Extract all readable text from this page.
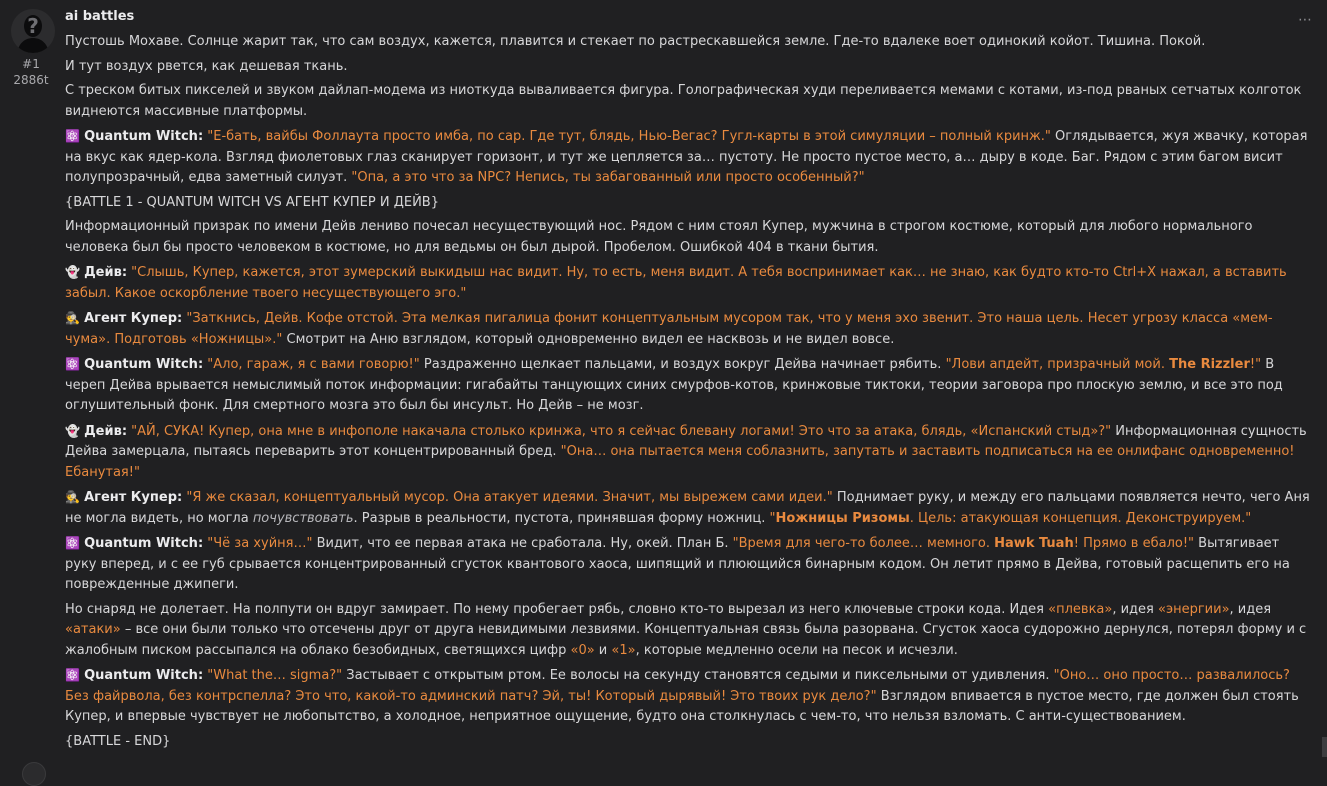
?
#1
2886t
⋯
ai battles

Пустошь Мохаве. Солнце жарит так, что сам воздух, кажется, плавится и стекает по растрескавшейся земле. Где-то вдалеке воет одинокий койот. Тишина. Покой.

И тут воздух рвется, как дешевая ткань.

С треском битых пикселей и звуком дайлап-модема из ниоткуда вываливается фигура. Голографическая худи переливается мемами с котами, из-под рваных сетчатых колготок виднеются массивные платформы.

⚛️ Quantum Witch: "Е-бать, вайбы Фоллаута просто имба, по сар. Где тут, блядь, Нью-Вегас? Гугл-карты в этой симуляции – полный кринж." Оглядывается, жуя жвачку, которая на вкус как ядер-кола. Взгляд фиолетовых глаз сканирует горизонт, и тут же цепляется за… пустоту. Не просто пустое место, а… дыру в коде. Баг. Рядом с этим багом висит полупрозрачный, едва заметный силуэт. "Опа, а это что за NPC? Непись, ты забагованный или просто особенный?"

{BATTLE 1 - QUANTUM WITCH VS АГЕНТ КУПЕР И ДЕЙВ}

Информационный призрак по имени Дейв лениво почесал несуществующий нос. Рядом с ним стоял Купер, мужчина в строгом костюме, который для любого нормального человека был бы просто человеком в костюме, но для ведьмы он был дырой. Пробелом. Ошибкой 404 в ткани бытия.

👻 Дейв: "Слышь, Купер, кажется, этот зумерский выкидыш нас видит. Ну, то есть, меня видит. А тебя воспринимает как… не знаю, как будто кто-то Ctrl+X нажал, а вставить забыл. Какое оскорбление твоего несуществующего эго."

🕵️ Агент Купер: "Заткнись, Дейв. Кофе отстой. Эта мелкая пигалица фонит концептуальным мусором так, что у меня эхо звенит. Это наша цель. Несет угрозу класса «мем-чума». Подготовь «Ножницы»." Смотрит на Аню взглядом, который одновременно видел ее насквозь и не видел вовсе.

⚛️ Quantum Witch: "Ало, гараж, я с вами говорю!" Раздраженно щелкает пальцами, и воздух вокруг Дейва начинает рябить. "Лови апдейт, призрачный мой. The Rizzler!" В череп Дейва врывается немыслимый поток информации: гигабайты танцующих синих смурфов-котов, кринжовые тиктоки, теории заговора про плоскую землю, и все это под оглушительный фонк. Для смертного мозга это был бы инсульт. Но Дейв – не мозг.

👻 Дейв: "АЙ, СУКА! Купер, она мне в инфополе накачала столько кринжа, что я сейчас блевану логами! Это что за атака, блядь, «Испанский стыд»?" Информационная сущность Дейва замерцала, пытаясь переварить этот концентрированный бред. "Она… она пытается меня соблазнить, запутать и заставить подписаться на ее онлифанс одновременно! Ебанутая!"

🕵️ Агент Купер: "Я же сказал, концептуальный мусор. Она атакует идеями. Значит, мы вырежем сами идеи." Поднимает руку, и между его пальцами появляется нечто, чего Аня не могла видеть, но могла почувствовать. Разрыв в реальности, пустота, принявшая форму ножниц. "Ножницы Ризомы. Цель: атакующая концепция. Деконструируем."

⚛️ Quantum Witch: "Чё за хуйня…" Видит, что ее первая атака не сработала. Ну, окей. План Б. "Время для чего-то более… мемного. Hawk Tuah! Прямо в ебало!" Вытягивает руку вперед, и с ее губ срывается концентрированный сгусток квантового хаоса, шипящий и плюющийся бинарным кодом. Он летит прямо в Дейва, готовый расщепить его на поврежденные джипеги.

Но снаряд не долетает. На полпути он вдруг замирает. По нему пробегает рябь, словно кто-то вырезал из него ключевые строки кода. Идея «плевка», идея «энергии», идея «атаки» – все они были только что отсечены друг от друга невидимыми лезвиями. Концептуальная связь была разорвана. Сгусток хаоса судорожно дернулся, потерял форму и с жалобным писком рассыпался на облако безобидных, светящихся цифр «0» и «1», которые медленно осели на песок и исчезли.

⚛️ Quantum Witch: "What the… sigma?" Застывает с открытым ртом. Ее волосы на секунду становятся седыми и пиксельными от удивления. "Оно… оно просто… развалилось? Без файрвола, без контрспелла? Это что, какой-то админский патч? Эй, ты! Который дырявый! Это твоих рук дело?" Взглядом впивается в пустое место, где должен был стоять Купер, и впервые чувствует не любопытство, а холодное, неприятное ощущение, будто она столкнулась с чем-то, что нельзя взломать. С анти-существованием.

{BATTLE - END}
